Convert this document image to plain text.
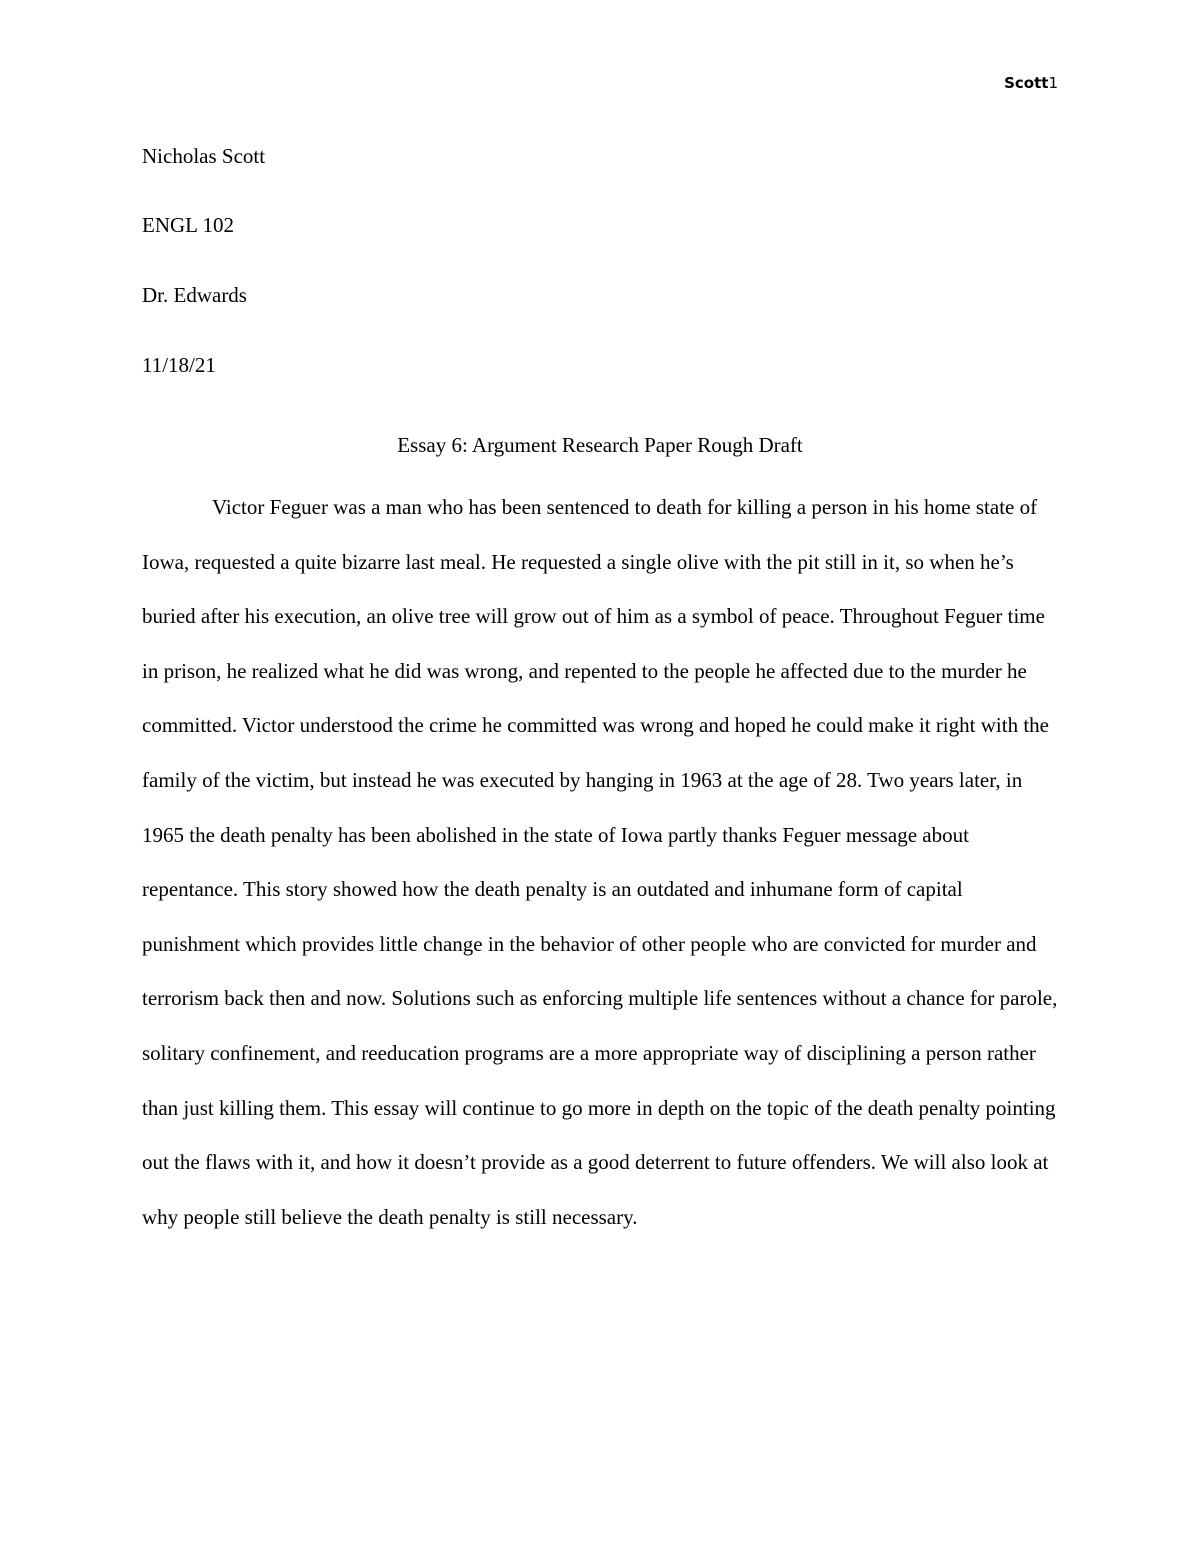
Scott1

Nicholas Scott

ENGL 102

Dr. Edwards

11/18/21

Essay 6: Argument Research Paper Rough Draft

Victor Feguer was a man who has been sentenced to death for killing a person in his home state of Iowa, requested a quite bizarre last meal. He requested a single olive with the pit still in it, so when he’s buried after his execution, an olive tree will grow out of him as a symbol of peace. Throughout Feguer time in prison, he realized what he did was wrong, and repented to the people he affected due to the murder he committed. Victor understood the crime he committed was wrong and hoped he could make it right with the family of the victim, but instead he was executed by hanging in 1963 at the age of 28. Two years later, in 1965 the death penalty has been abolished in the state of Iowa partly thanks Feguer message about repentance. This story showed how the death penalty is an outdated and inhumane form of capital punishment which provides little change in the behavior of other people who are convicted for murder and terrorism back then and now. Solutions such as enforcing multiple life sentences without a chance for parole, solitary confinement, and reeducation programs are a more appropriate way of disciplining a person rather than just killing them. This essay will continue to go more in depth on the topic of the death penalty pointing out the flaws with it, and how it doesn’t provide as a good deterrent to future offenders. We will also look at why people still believe the death penalty is still necessary.
